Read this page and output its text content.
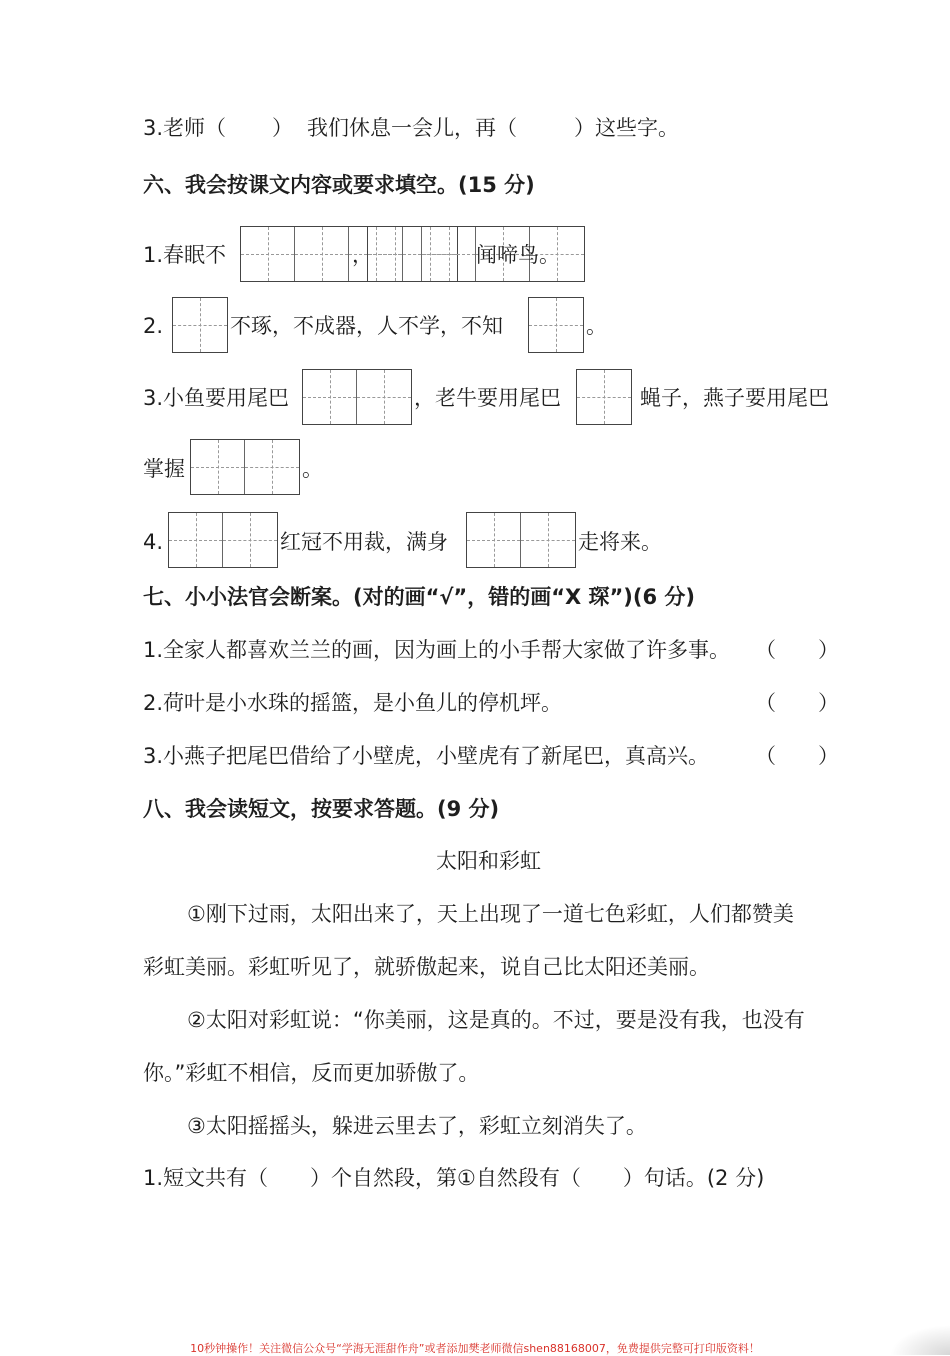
3.老师（ ） 我们休息一会儿，再（	）这些字。
六、我会按课文内容或要求填空。(15 分)
1.春眠不	，	闻啼鸟。
2.	不琢，不成器，人不学，不知	。
3.小鱼要用尾巴	，老牛要用尾巴	蝇子，燕子要用尾巴
掌握	。
4.	红冠不用裁，满身	走将来。
七、小小法官会断案。(对的画“√”，错的画“X 琛”)(6 分)
1.全家人都喜欢兰兰的画，因为画上的小手帮大家做了许多事。 （　　）
2.荷叶是小水珠的摇篮，是小鱼儿的停机坪。	（　　）
3.小燕子把尾巴借给了小壁虎，小壁虎有了新尾巴，真高兴。 （　　）
八、我会读短文，按要求答题。(9 分)
太阳和彩虹
①刚下过雨，太阳出来了，天上出现了一道七色彩虹，人们都赞美
彩虹美丽。彩虹听见了，就骄傲起来，说自己比太阳还美丽。
②太阳对彩虹说：“你美丽，这是真的。不过，要是没有我，也没有
你。”彩虹不相信，反而更加骄傲了。
③太阳摇摇头，躲进云里去了，彩虹立刻消失了。
1.短文共有（　　）个自然段，第①自然段有（　　）句话。(2 分)
10秒钟操作！关注微信公众号“学海无涯甜作舟”或者添加樊老师微信shen88168007，免费提供完整可打印版资料！
